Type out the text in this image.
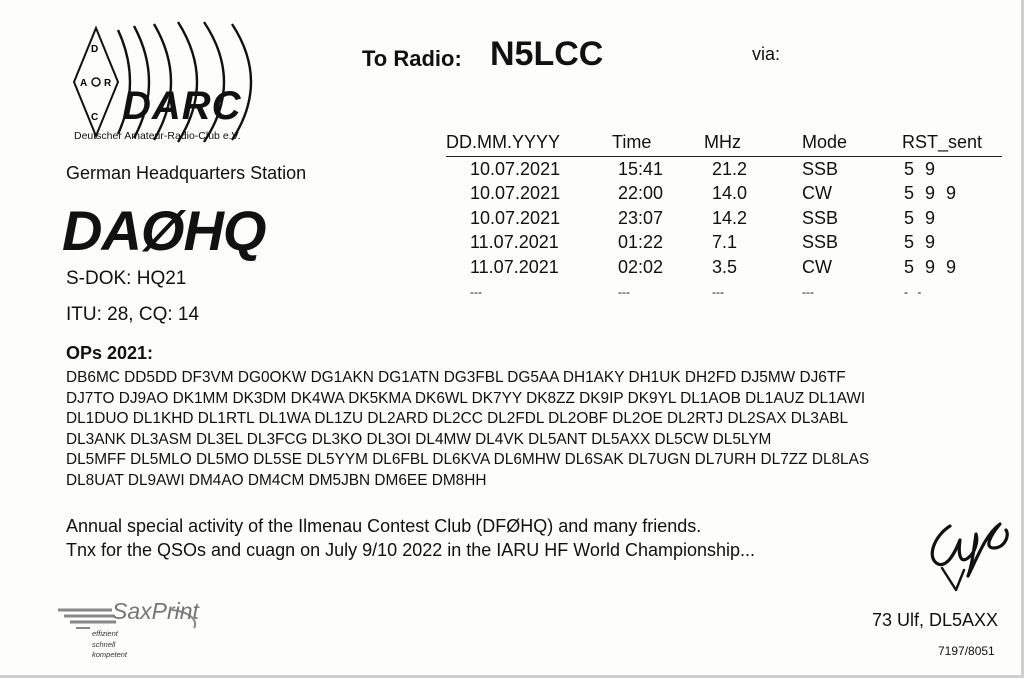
D
A R
C DARC
Deutscher Amateur-Radio-Club e.V.
To Radio: N5LCC	via:
German Headquarters Station
DAØHQ
S-DOK: HQ21
ITU: 28, CQ: 14
DD.MM.YYYY	Time	MHz	Mode	RST_sent
10.07.2021	15:41	21.2	SSB	5 9
10.07.2021	22:00	14.0	CW	5 9 9
10.07.2021	23:07	14.2	SSB	5 9
11.07.2021	01:22	7.1	SSB	5 9
11.07.2021	02:02	3.5	CW	5 9 9
---	---	---	---	- -
OPs 2021:
DB6MC DD5DD DF3VM DG0OKW DG1AKN DG1ATN DG3FBL DG5AA DH1AKY DH1UK DH2FD DJ5MW DJ6TF
DJ7TO DJ9AO DK1MM DK3DM DK4WA DK5KMA DK6WL DK7YY DK8ZZ DK9IP DK9YL DL1AOB DL1AUZ DL1AWI
DL1DUO DL1KHD DL1RTL DL1WA DL1ZU DL2ARD DL2CC DL2FDL DL2OBF DL2OE DL2RTJ DL2SAX DL3ABL
DL3ANK DL3ASM DL3EL DL3FCG DL3KO DL3OI DL4MW DL4VK DL5ANT DL5AXX DL5CW DL5LYM
DL5MFF DL5MLO DL5MO DL5SE DL5YYM DL6FBL DL6KVA DL6MHW DL6SAK DL7UGN DL7URH DL7ZZ DL8LAS
DL8UAT DL9AWI DM4AO DM4CM DM5JBN DM6EE DM8HH
Annual special activity of the Ilmenau Contest Club (DFØHQ) and many friends.
Tnx for the QSOs and cuagn on July 9/10 2022 in the IARU HF World Championship...
73 Ulf, DL5AXX
7197/8051
SaxPrint
effizient
schnell
kompetent
